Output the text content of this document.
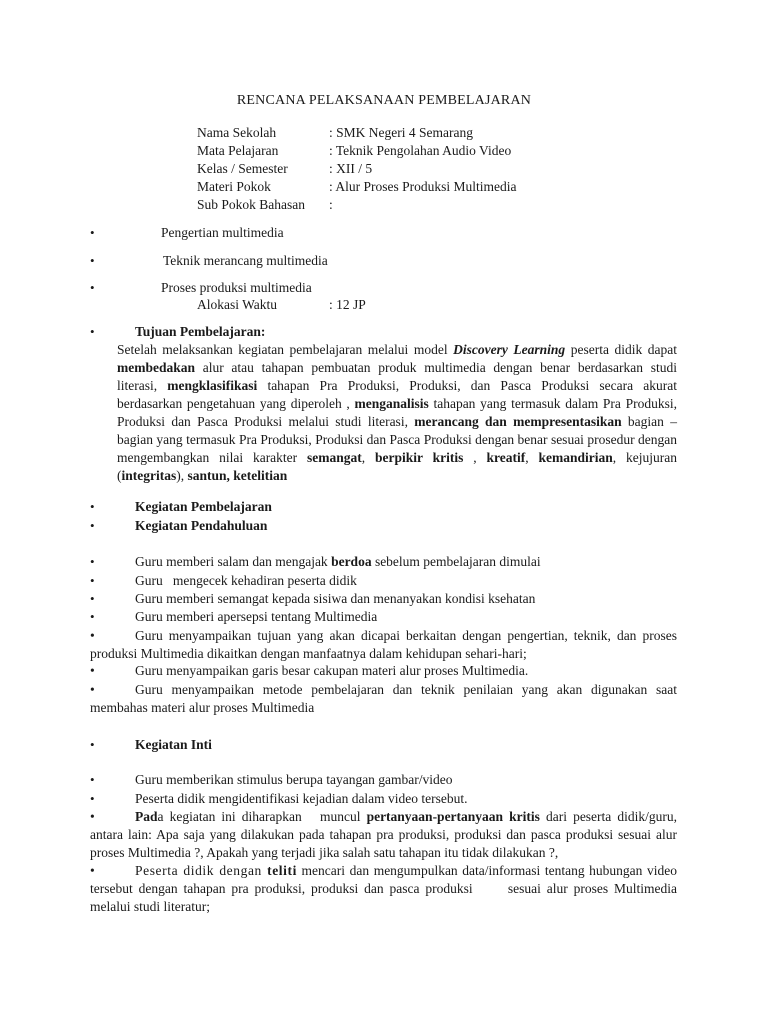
RENCANA PELAKSANAAN PEMBELAJARAN
Nama Sekolah	: SMK Negeri 4 Semarang
Mata Pelajaran	: Teknik Pengolahan Audio Video
Kelas / Semester	: XII / 5
Materi Pokok	: Alur Proses Produksi Multimedia
Sub Pokok Bahasan	:
•	Pengertian multimedia
•	Teknik merancang multimedia
•	Proses produksi multimedia
Alokasi Waktu	: 12 JP
•	Tujuan Pembelajaran:
Setelah melaksankan kegiatan pembelajaran melalui model Discovery Learning peserta didik dapat membedakan alur atau tahapan pembuatan produk multimedia dengan benar berdasarkan studi literasi, mengklasifikasi tahapan Pra Produksi, Produksi, dan Pasca Produksi secara akurat berdasarkan pengetahuan yang diperoleh , menganalisis tahapan yang termasuk dalam Pra Produksi, Produksi dan Pasca Produksi melalui studi literasi, merancang dan mempresentasikan bagian – bagian yang termasuk Pra Produksi, Produksi dan Pasca Produksi dengan benar sesuai prosedur dengan mengembangkan nilai karakter semangat, berpikir kritis , kreatif, kemandirian, kejujuran (integritas), santun, ketelitian
•	Kegiatan Pembelajaran
•	Kegiatan Pendahuluan
•	Guru memberi salam dan mengajak berdoa sebelum pembelajaran dimulai
•	Guru   mengecek kehadiran peserta didik
•	Guru memberi semangat kepada sisiwa dan menanyakan kondisi ksehatan
•	Guru memberi apersepsi tentang Multimedia
•	Guru menyampaikan tujuan yang akan dicapai berkaitan dengan pengertian, teknik, dan proses produksi Multimedia dikaitkan dengan manfaatnya dalam kehidupan sehari-hari;
•	Guru menyampaikan garis besar cakupan materi alur proses Multimedia.
•	Guru menyampaikan metode pembelajaran dan teknik penilaian yang akan digunakan saat membahas materi alur proses Multimedia
•	Kegiatan Inti
•	Guru memberikan stimulus berupa tayangan gambar/video
•	Peserta didik mengidentifikasi kejadian dalam video tersebut.
•	Pada kegiatan ini diharapkan   muncul pertanyaan-pertanyaan kritis dari peserta didik/guru, antara lain: Apa saja yang dilakukan pada tahapan pra produksi, produksi dan pasca produksi sesuai alur proses Multimedia ?, Apakah yang terjadi jika salah satu tahapan itu tidak dilakukan ?,
•	Peserta didik dengan teliti mencari dan mengumpulkan data/informasi tentang hubungan video tersebut dengan tahapan pra produksi, produksi dan pasca produksi      sesuai alur proses Multimedia melalui studi literatur;
